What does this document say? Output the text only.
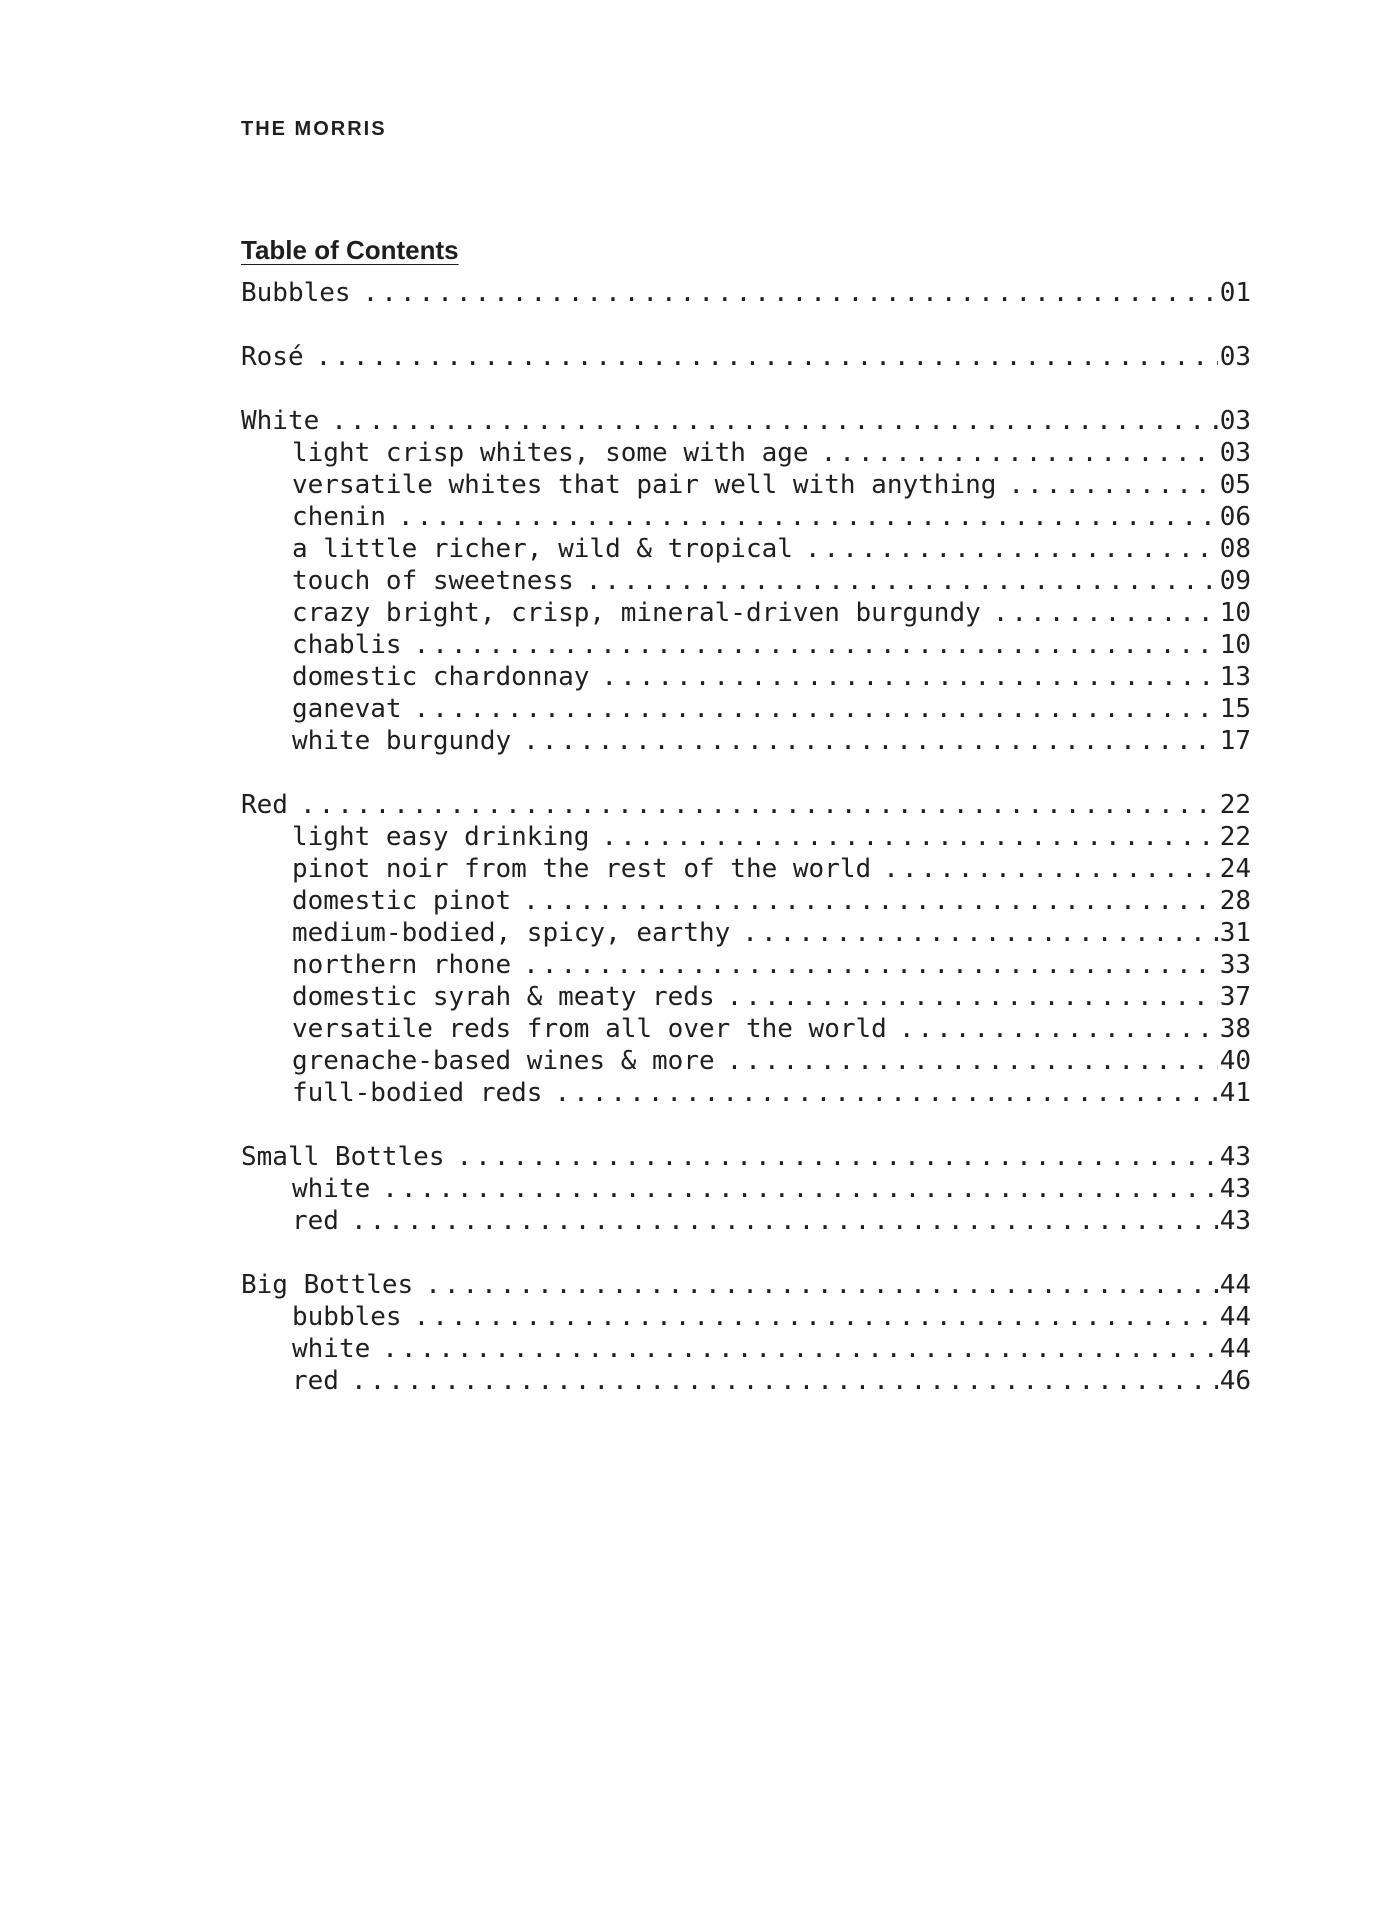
THE MORRIS

Table of Contents
Bubbles .....	01
Rosé .....	03
White .....	03
light crisp whites, some with age .....	03
versatile whites that pair well with anything .....	05
chenin .....	06
a little richer, wild & tropical .....	08
touch of sweetness .....	09
crazy bright, crisp, mineral-driven burgundy .....	10
chablis .....	10
domestic chardonnay .....	13
ganevat .....	15
white burgundy .....	17
Red .....	22
light easy drinking .....	22
pinot noir from the rest of the world .....	24
domestic pinot .....	28
medium-bodied, spicy, earthy .....	31
northern rhone .....	33
domestic syrah & meaty reds .....	37
versatile reds from all over the world .....	38
grenache-based wines & more .....	40
full-bodied reds .....	41
Small Bottles .....	43
white .....	43
red .....	43
Big Bottles .....	44
bubbles .....	44
white .....	44
red .....	46
